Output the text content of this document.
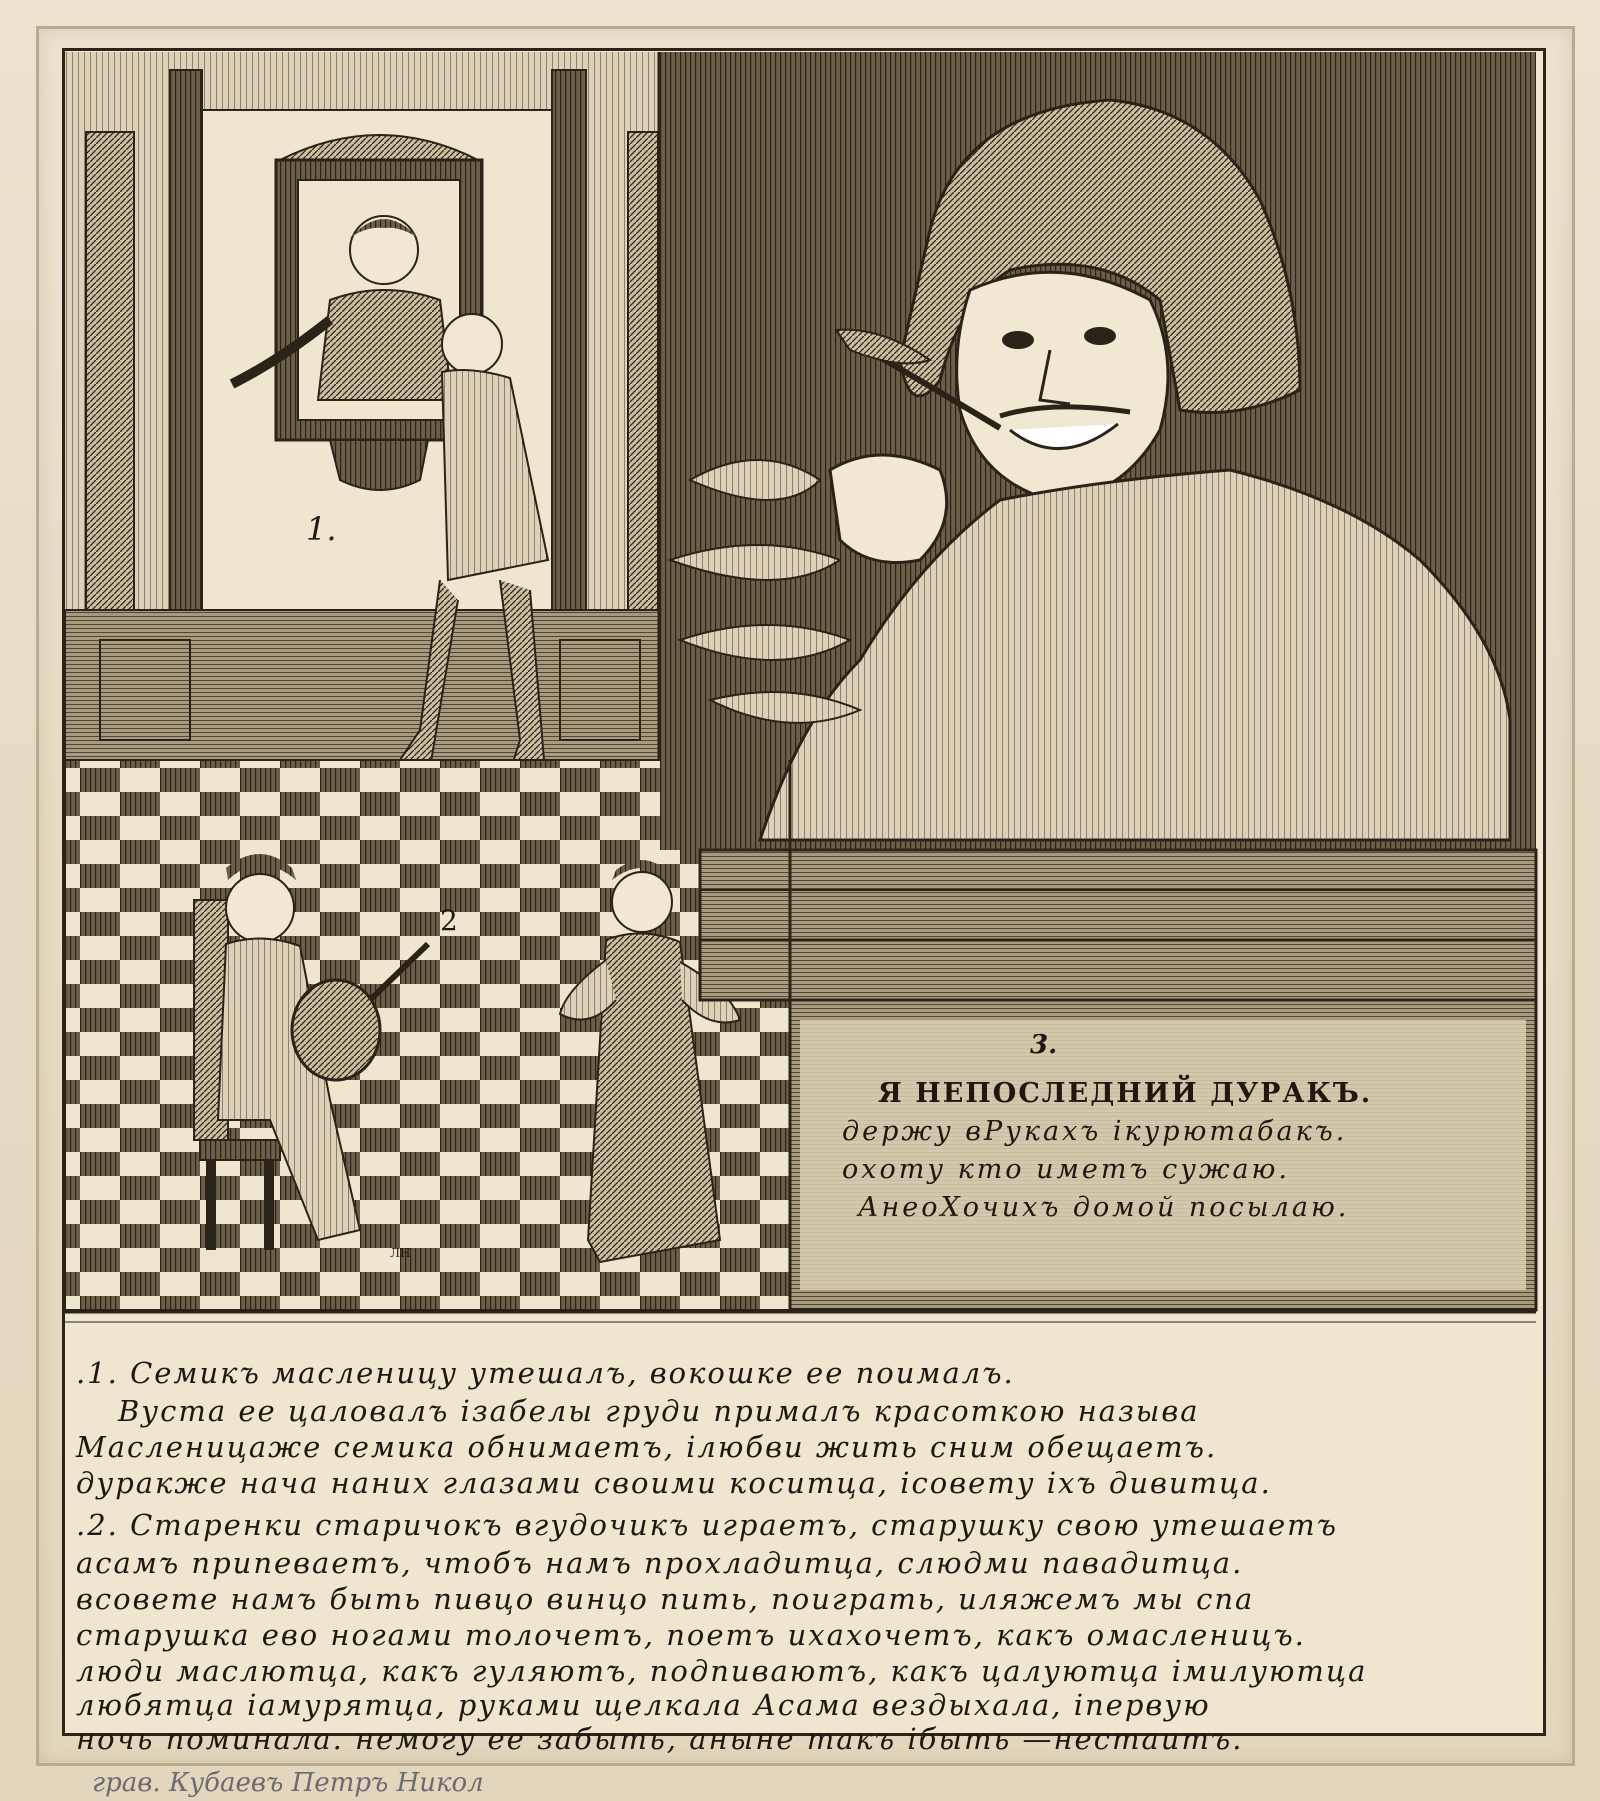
1.
2
ЛН
3.
Я НЕПОСЛЕДНИЙ ДУРАКЪ.
держу вРукахъ ікурютабакъ.
охоту кто иметъ сужаю.
АнеоХочихъ домой посылаю.
.1. Семикъ масленицу утешалъ, вокошке ее поималъ.
Вуста ее цаловалъ ізабелы груди прималъ красоткою называ
Масленицаже семика обнимаетъ, ілюбви жить сним обещаетъ.
дуракже нача наних глазами своими коситца, ісовету іхъ дивитца.
.2. Старенки старичокъ вгудочикъ играетъ, старушку свою утешаетъ
асамъ припеваетъ, чтобъ намъ прохладитца, слюдми павадитца.
всовете намъ быть пивцо винцо пить, поиграть, иляжемъ мы спа
старушка ево ногами толочетъ, поетъ ихахочетъ, какъ омасленицъ.
люди маслютца, какъ гуляютъ, подпиваютъ, какъ цалуютца імилуютца
любятца іамурятца, руками щелкала Асама вездыхала, іпервую
ночь поминала. немогу ее забыть, аныне такъ ібыть —нестаитъ.
грав. Кубаевъ Петръ Никол
